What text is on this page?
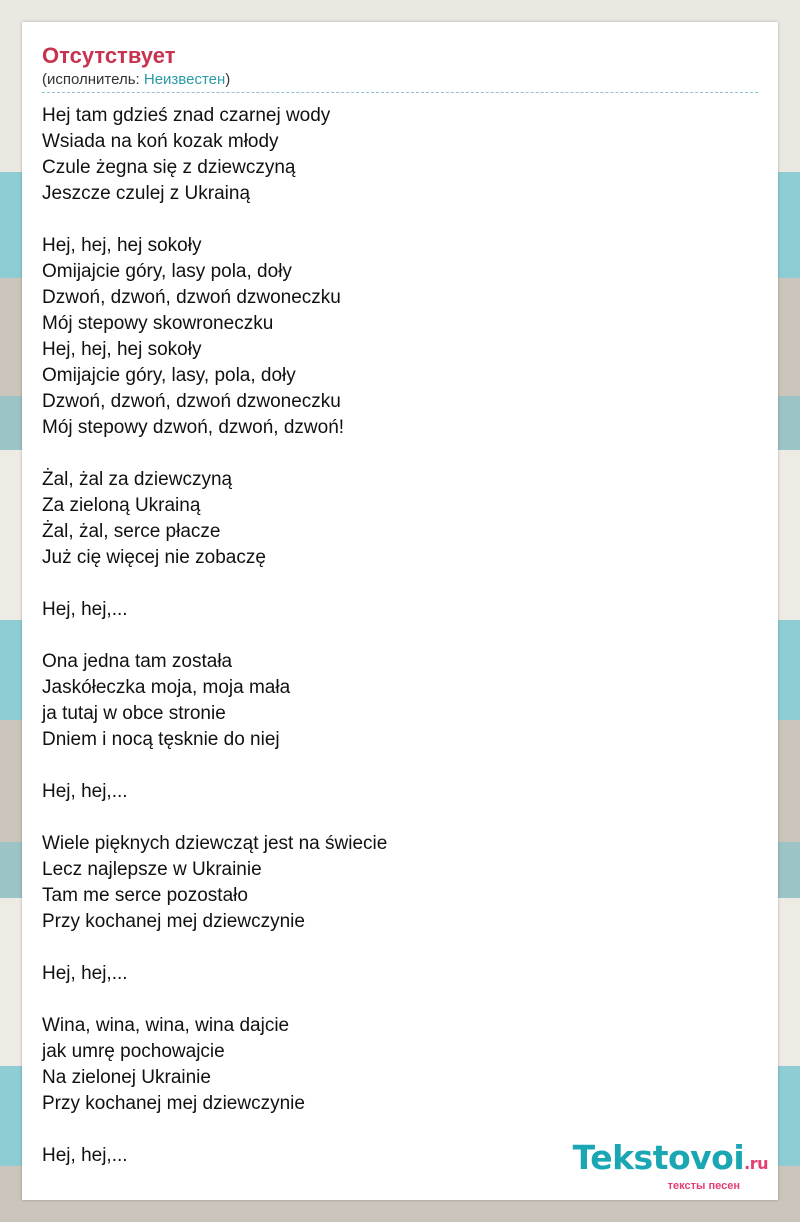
Отсутствует
(исполнитель: Неизвестен)
Hej tam gdzieś znad czarnej wody
Wsiada na koń kozak młody
Czule żegna się z dziewczyną
Jeszcze czulej z Ukrainą
Hej, hej, hej sokoły
Omijajcie góry, lasy pola, doły
Dzwoń, dzwoń, dzwoń dzwoneczku
Mój stepowy skowroneczku
Hej, hej, hej sokoły
Omijajcie góry, lasy, pola, doły
Dzwoń, dzwoń, dzwoń dzwoneczku
Mój stepowy dzwoń, dzwoń, dzwoń!
Żal, żal za dziewczyną
Za zieloną Ukrainą
Żal, żal, serce płacze
Już cię więcej nie zobaczę
Hej, hej,...
Ona jedna tam została
Jaskółeczka moja, moja mała
ja tutaj w obce stronie
Dniem i nocą tęsknie do niej
Hej, hej,...
Wiele pięknych dziewcząt jest na świecie
Lecz najlepsze w Ukrainie
Tam me serce pozostało
Przy kochanej mej dziewczynie
Hej, hej,...
Wina, wina, wina, wina dajcie
jak umrę pochowajcie
Na zielonej Ukrainie
Przy kochanej mej dziewczynie
Hej, hej,...	Tekstovoi.ru
тексты песен
